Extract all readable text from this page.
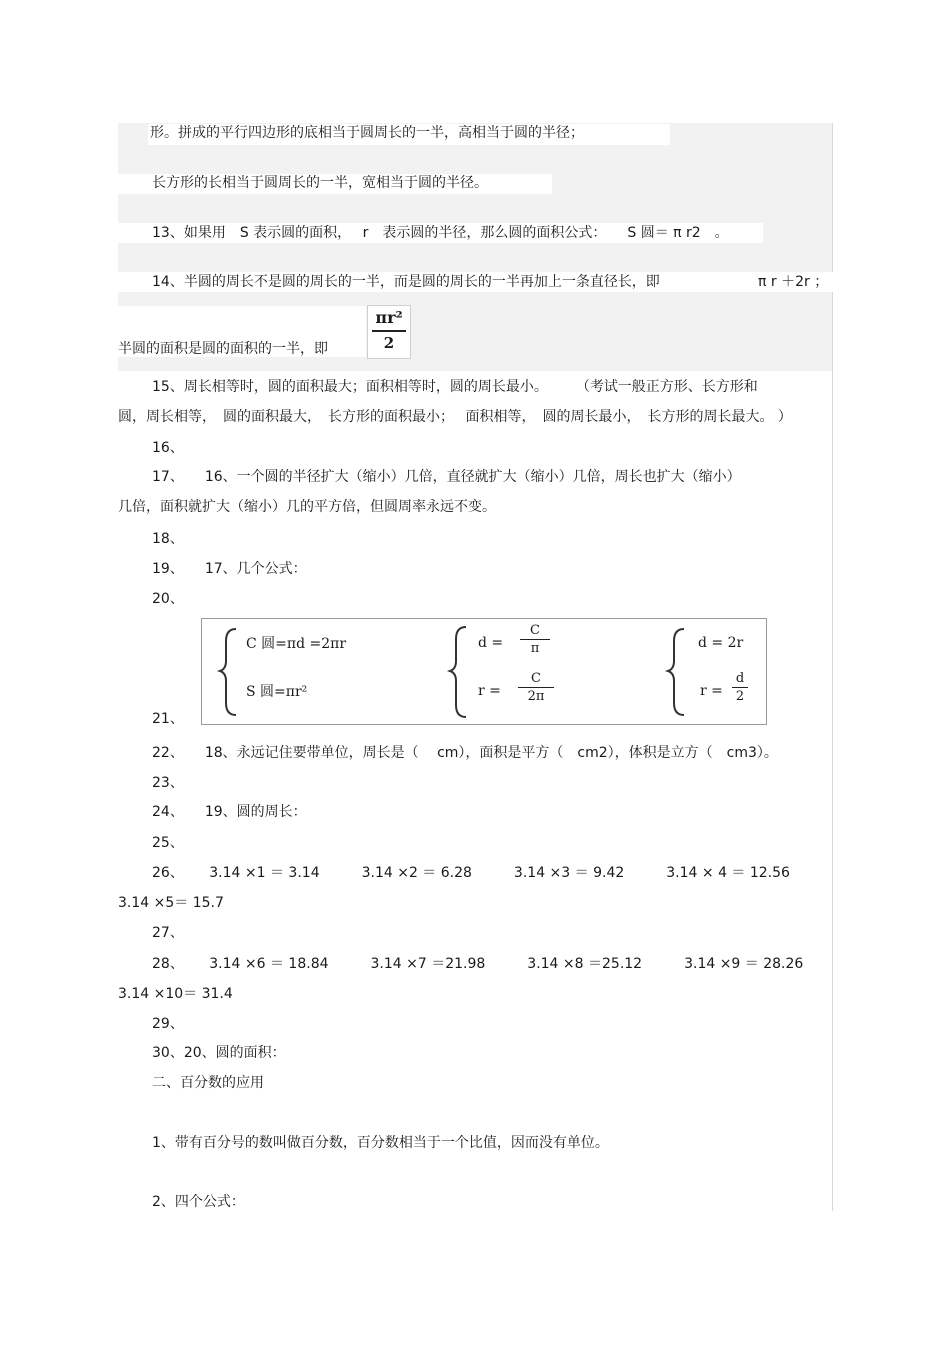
形。拼成的平行四边形的底相当于圆周长的一半，高相当于圆的半径；
长方形的长相当于圆周长的一半，宽相当于圆的半径。
13、如果用　S 表示圆的面积，　 r　表示圆的半径，那么圆的面积公式：　　S 圆＝ π r2　。
14、半圆的周长不是圆的周长的一半，而是圆的周长的一半再加上一条直径长，即	π r ＋2r ；
半圆的面积是圆的面积的一半，即
πr²
2
15、周长相等时，圆的面积最大；面积相等时，圆的周长最小。　　　（考试一般正方形、长方形和
圆，周长相等，　圆的面积最大，　长方形的面积最小；　 面积相等，　圆的周长最小，　长方形的周长最大。 ）
16、
17、　　16、一个圆的半径扩大（缩小）几倍，直径就扩大（缩小）几倍，周长也扩大（缩小）
几倍，面积就扩大（缩小）几的平方倍，但圆周率永远不变。
18、
19、　　17、几个公式：
20、
C 圆=πd =2πr
S 圆=πr²
d =
C
π
r =
C
2π
d = 2r
r =
d
2
21、
22、　　18、永远记住要带单位，周长是（　 cm），面积是平方（　cm2），体积是立方（　cm3）。
23、
24、　　19、圆的周长：
25、
26、　　 3.14 ×1 ＝ 3.14　　　3.14 ×2 ＝ 6.28　　　3.14 ×3 ＝ 9.42　　　3.14 × 4 ＝ 12.56
3.14 ×5＝ 15.7
27、
28、　　 3.14 ×6 ＝ 18.84　　　3.14 ×7 ＝21.98　　　3.14 ×8 ＝25.12　　　3.14 ×9 ＝ 28.26
3.14 ×10＝ 31.4
29、
30、20、圆的面积：
二、百分数的应用
1、带有百分号的数叫做百分数，百分数相当于一个比值，因而没有单位。
2、四个公式：
